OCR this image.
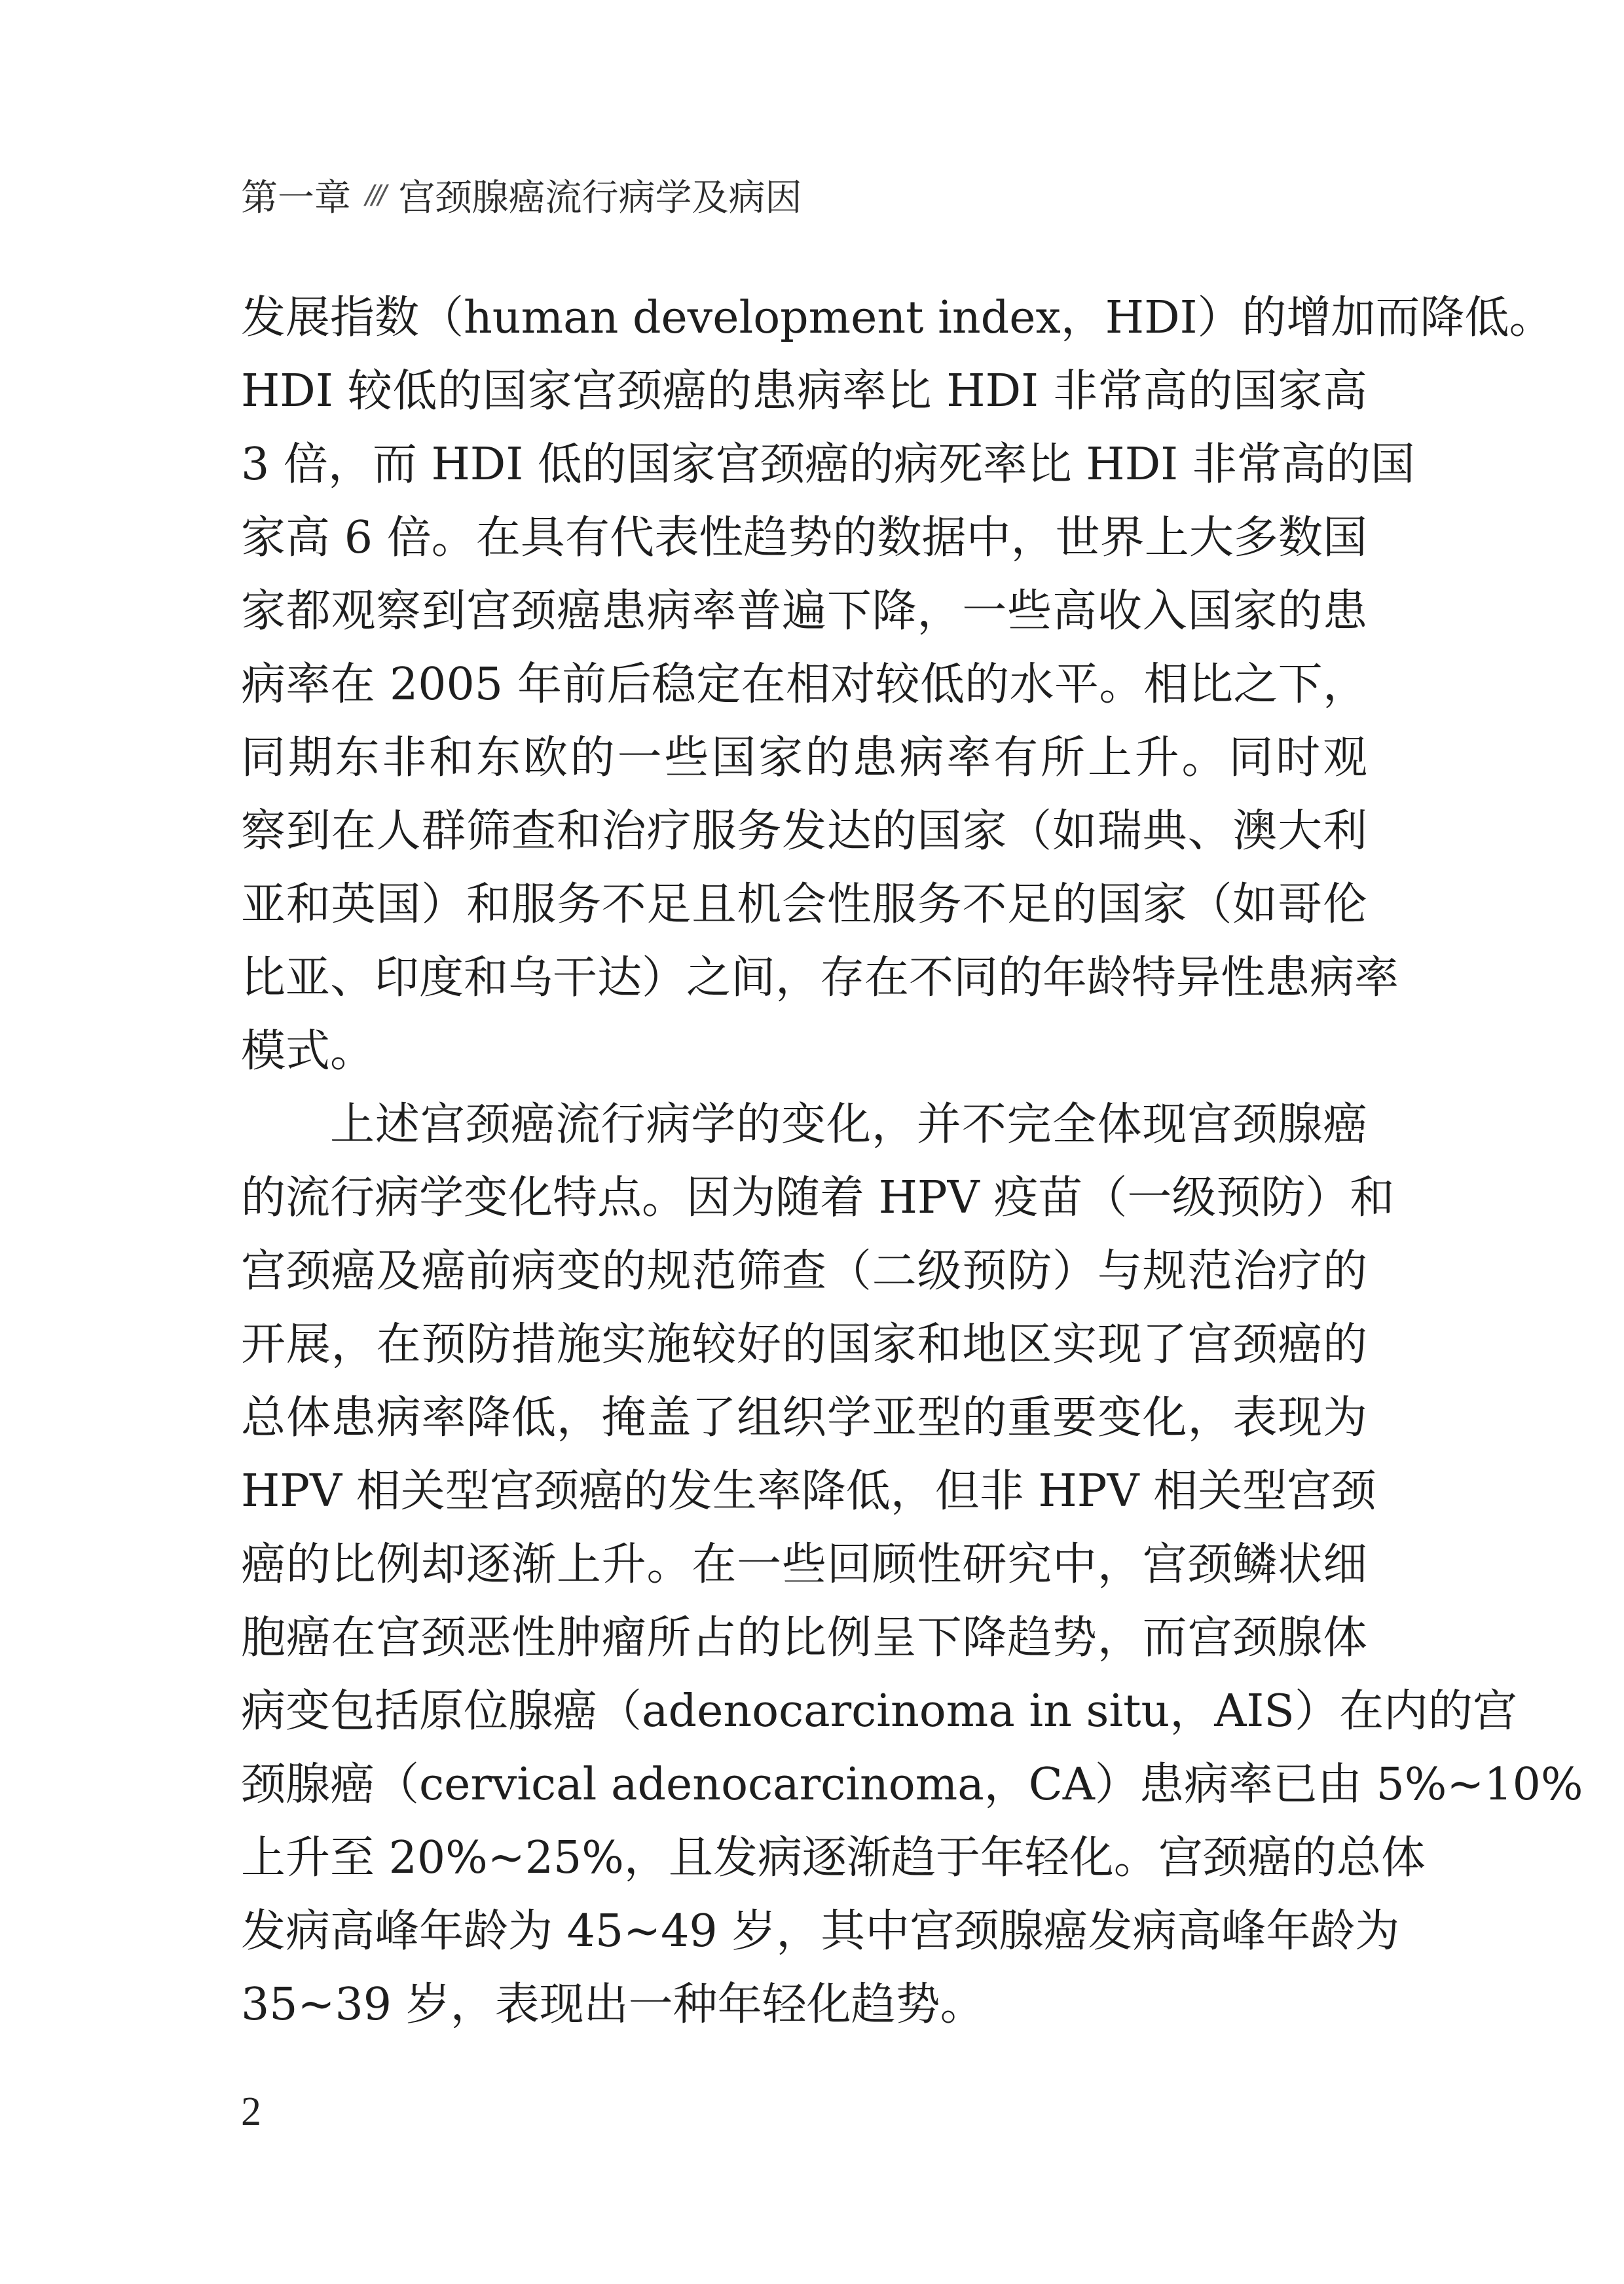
第一章 /// 宫颈腺癌流行病学及病因
发展指数（human development index，HDI）的增加而降低。
HDI 较低的国家宫颈癌的患病率比 HDI 非常高的国家高
3 倍，而 HDI 低的国家宫颈癌的病死率比 HDI 非常高的国
家高 6 倍。在具有代表性趋势的数据中，世界上大多数国
家都观察到宫颈癌患病率普遍下降，一些高收入国家的患
病率在 2005 年前后稳定在相对较低的水平。相比之下，
同期东非和东欧的一些国家的患病率有所上升。同时观
察到在人群筛查和治疗服务发达的国家（如瑞典、澳大利
亚和英国）和服务不足且机会性服务不足的国家（如哥伦
比亚、印度和乌干达）之间，存在不同的年龄特异性患病率
模式。
上述宫颈癌流行病学的变化，并不完全体现宫颈腺癌
的流行病学变化特点。因为随着 HPV 疫苗（一级预防）和
宫颈癌及癌前病变的规范筛查（二级预防）与规范治疗的
开展，在预防措施实施较好的国家和地区实现了宫颈癌的
总体患病率降低，掩盖了组织学亚型的重要变化，表现为
HPV 相关型宫颈癌的发生率降低，但非 HPV 相关型宫颈
癌的比例却逐渐上升。在一些回顾性研究中，宫颈鳞状细
胞癌在宫颈恶性肿瘤所占的比例呈下降趋势，而宫颈腺体
病变包括原位腺癌（adenocarcinoma in situ，AIS）在内的宫
颈腺癌（cervical adenocarcinoma，CA）患病率已由 5%~10%
上升至 20%~25%，且发病逐渐趋于年轻化。宫颈癌的总体
发病高峰年龄为 45~49 岁，其中宫颈腺癌发病高峰年龄为
35~39 岁，表现出一种年轻化趋势。
2
